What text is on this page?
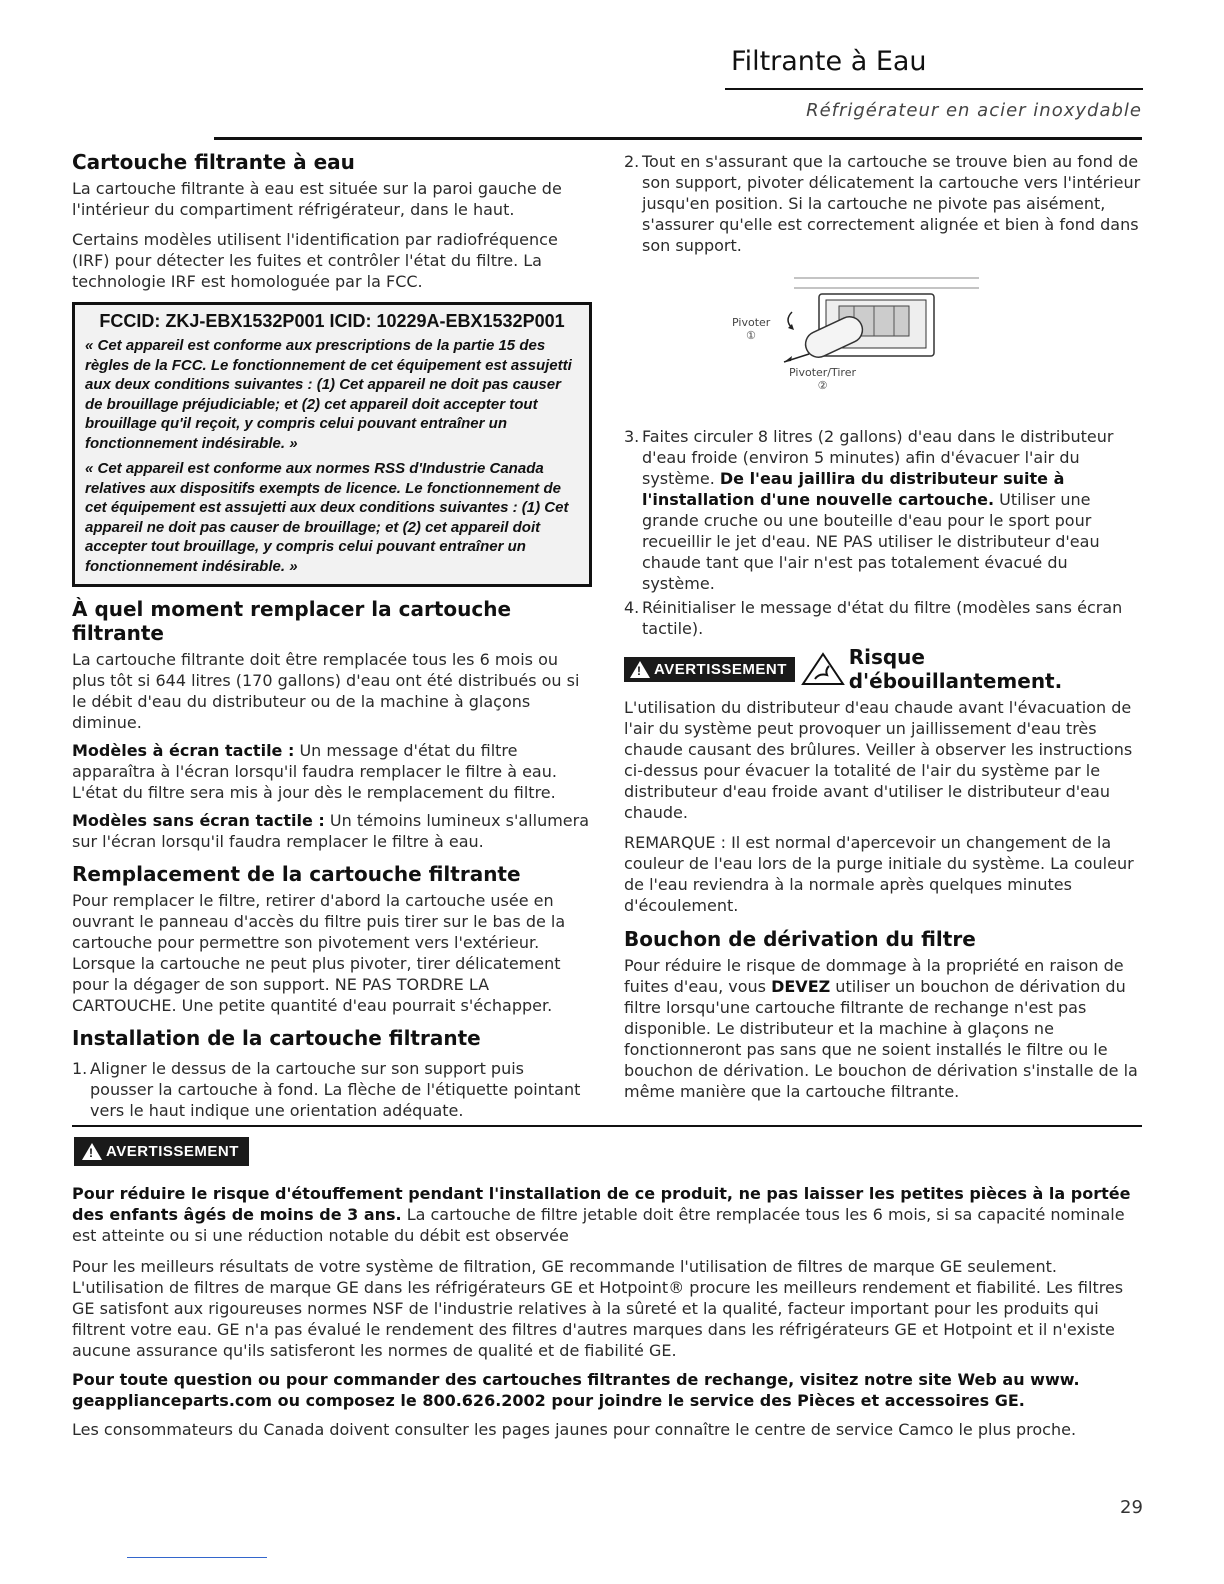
Filtrante à Eau
Réfrigérateur en acier inoxydable
Cartouche filtrante à eau

La cartouche filtrante à eau est située sur la paroi gauche de l'intérieur du compartiment réfrigérateur, dans le haut.

Certains modèles utilisent l'identification par radiofréquence (IRF) pour détecter les fuites et contrôler l'état du filtre. La technologie IRF est homologuée par la FCC.

FCCID: ZKJ-EBX1532P001 ICID: 10229A-EBX1532P001

« Cet appareil est conforme aux prescriptions de la partie 15 des règles de la FCC. Le fonctionnement de cet équipement est assujetti aux deux conditions suivantes : (1) Cet appareil ne doit pas causer de brouillage préjudiciable; et (2) cet appareil doit accepter tout brouillage qu'il reçoit, y compris celui pouvant entraîner un fonctionnement indésirable. »

« Cet appareil est conforme aux normes RSS d'Industrie Canada relatives aux dispositifs exempts de licence. Le fonctionnement de cet équipement est assujetti aux deux conditions suivantes : (1) Cet appareil ne doit pas causer de brouillage; et (2) cet appareil doit accepter tout brouillage, y compris celui pouvant entraîner un fonctionnement indésirable. »

À quel moment remplacer la cartouche filtrante

La cartouche filtrante doit être remplacée tous les 6 mois ou plus tôt si 644 litres (170 gallons) d'eau ont été distribués ou si le débit d'eau du distributeur ou de la machine à glaçons diminue.

Modèles à écran tactile : Un message d'état du filtre apparaîtra à l'écran lorsqu'il faudra remplacer le filtre à eau. L'état du filtre sera mis à jour dès le remplacement du filtre.

Modèles sans écran tactile : Un témoins lumineux s'allumera sur l'écran lorsqu'il faudra remplacer le filtre à eau.

Remplacement de la cartouche filtrante

Pour remplacer le filtre, retirer d'abord la cartouche usée en ouvrant le panneau d'accès du filtre puis tirer sur le bas de la cartouche pour permettre son pivotement vers l'extérieur. Lorsque la cartouche ne peut plus pivoter, tirer délicatement pour la dégager de son support. NE PAS TORDRE LA CARTOUCHE. Une petite quantité d'eau pourrait s'échapper.

Installation de la cartouche filtrante
1. Aligner le dessus de la cartouche sur son support puis pousser la cartouche à fond. La flèche de l'étiquette pointant vers le haut indique une orientation adéquate.
2. Tout en s'assurant que la cartouche se trouve bien au fond de son support, pivoter délicatement la cartouche vers l'intérieur jusqu'en position. Si la cartouche ne pivote pas aisément, s'assurer qu'elle est correctement alignée et bien à fond dans son support.
Pivoter
①
Pivoter/Tirer
②
3. Faites circuler 8 litres (2 gallons) d'eau dans le distributeur d'eau froide (environ 5 minutes) afin d'évacuer l'air du système. De l'eau jaillira du distributeur suite à l'installation d'une nouvelle cartouche. Utiliser une grande cruche ou une bouteille d'eau pour le sport pour recueillir le jet d'eau. NE PAS utiliser le distributeur d'eau chaude tant que l'air n'est pas totalement évacué du système.
4. Réinitialiser le message d'état du filtre (modèles sans écran tactile).
! AVERTISSEMENT	Risque d'ébouillantement.

L'utilisation du distributeur d'eau chaude avant l'évacuation de l'air du système peut provoquer un jaillissement d'eau très chaude causant des brûlures. Veiller à observer les instructions ci-dessus pour évacuer la totalité de l'air du système par le distributeur d'eau froide avant d'utiliser le distributeur d'eau chaude.

REMARQUE : Il est normal d'apercevoir un changement de la couleur de l'eau lors de la purge initiale du système. La couleur de l'eau reviendra à la normale après quelques minutes d'écoulement.

Bouchon de dérivation du filtre

Pour réduire le risque de dommage à la propriété en raison de fuites d'eau, vous DEVEZ utiliser un bouchon de dérivation du filtre lorsqu'une cartouche filtrante de rechange n'est pas disponible. Le distributeur et la machine à glaçons ne fonctionneront pas sans que ne soient installés le filtre ou le bouchon de dérivation. Le bouchon de dérivation s'installe de la même manière que la cartouche filtrante.

! AVERTISSEMENT

Pour réduire le risque d'étouffement pendant l'installation de ce produit, ne pas laisser les petites pièces à la portée des enfants âgés de moins de 3 ans. La cartouche de filtre jetable doit être remplacée tous les 6 mois, si sa capacité nominale est atteinte ou si une réduction notable du débit est observée

Pour les meilleurs résultats de votre système de filtration, GE recommande l'utilisation de filtres de marque GE seulement. L'utilisation de filtres de marque GE dans les réfrigérateurs GE et Hotpoint® procure les meilleurs rendement et fiabilité. Les filtres GE satisfont aux rigoureuses normes NSF de l'industrie relatives à la sûreté et la qualité, facteur important pour les produits qui filtrent votre eau. GE n'a pas évalué le rendement des filtres d'autres marques dans les réfrigérateurs GE et Hotpoint et il n'existe aucune assurance qu'ils satisferont les normes de qualité et de fiabilité GE.

Pour toute question ou pour commander des cartouches filtrantes de rechange, visitez notre site Web au www. geapplianceparts.com ou composez le 800.626.2002 pour joindre le service des Pièces et accessoires GE.

Les consommateurs du Canada doivent consulter les pages jaunes pour connaître le centre de service Camco le plus proche.

29
